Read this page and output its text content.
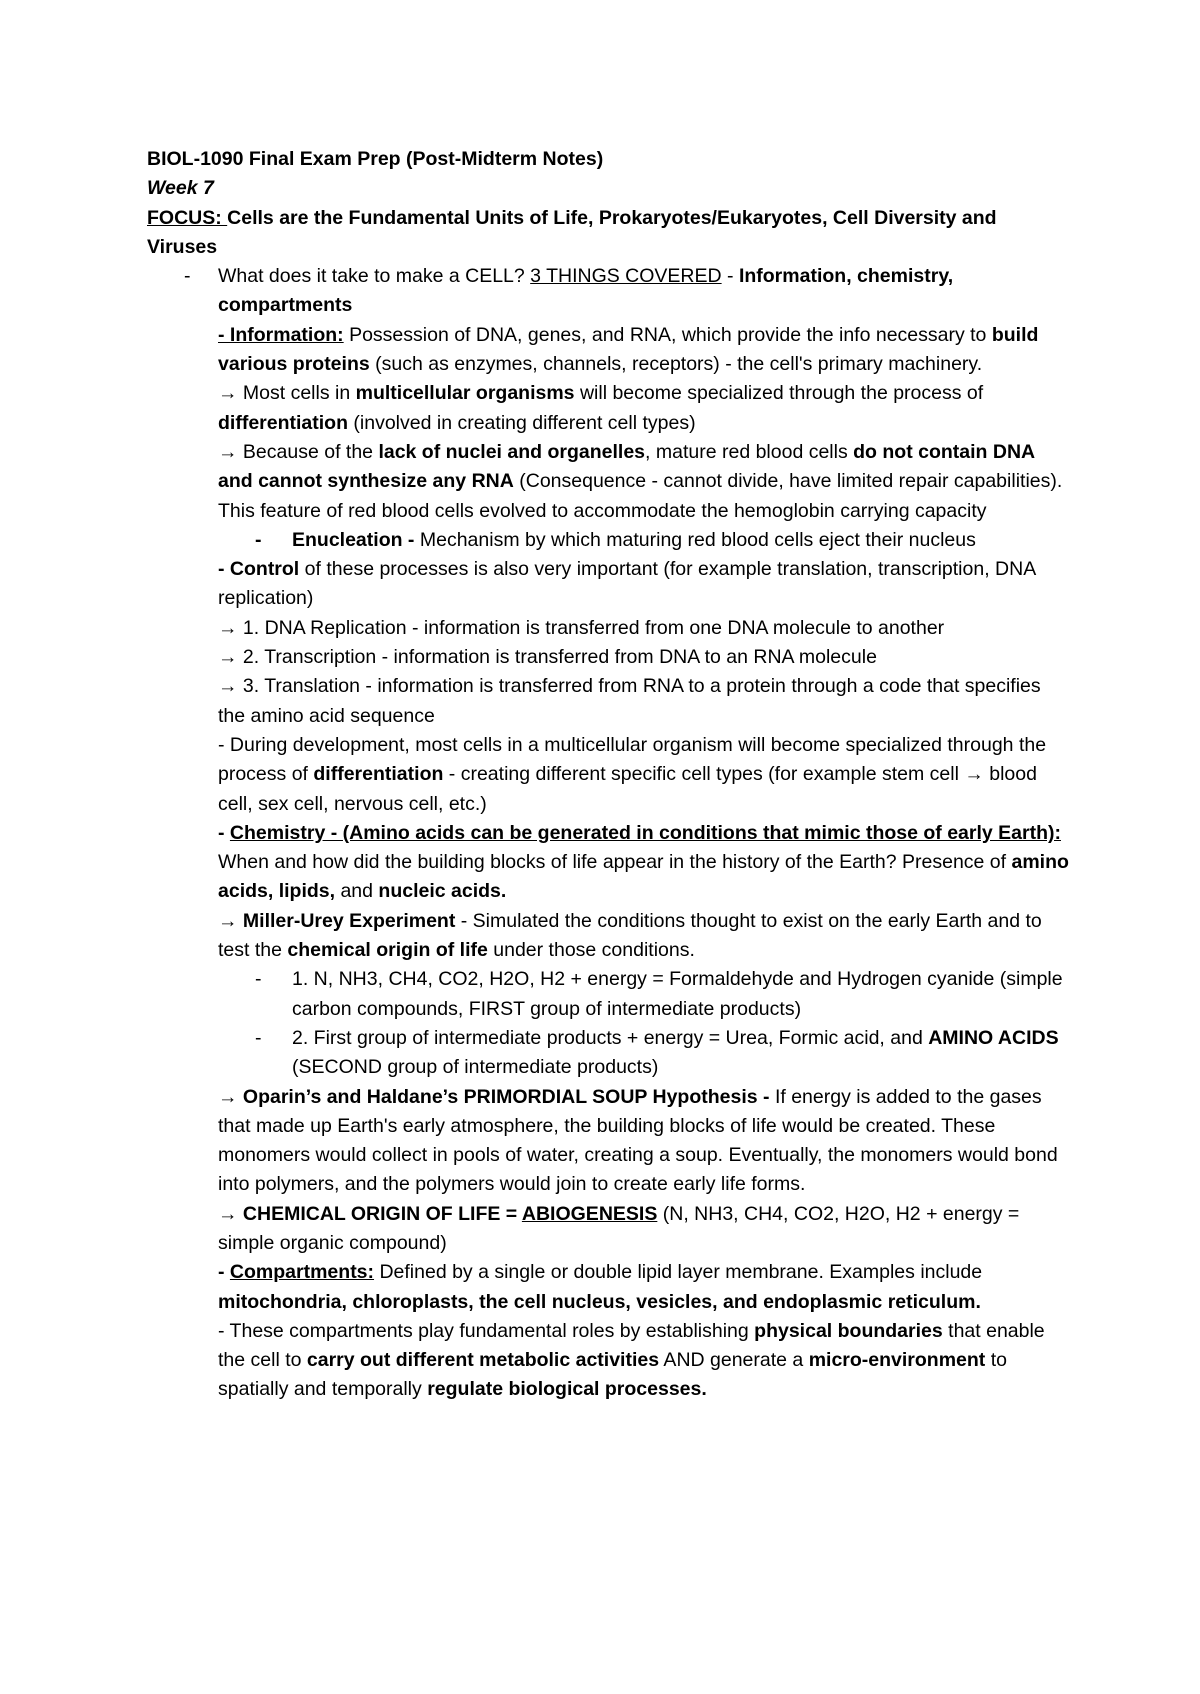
BIOL-1090 Final Exam Prep (Post-Midterm Notes)
Week 7
FOCUS: Cells are the Fundamental Units of Life, Prokaryotes/Eukaryotes, Cell Diversity and Viruses
- What does it take to make a CELL? 3 THINGS COVERED - Information, chemistry, compartments
- Information: Possession of DNA, genes, and RNA, which provide the info necessary to build various proteins (such as enzymes, channels, receptors) - the cell's primary machinery.
→ Most cells in multicellular organisms will become specialized through the process of differentiation (involved in creating different cell types)
→ Because of the lack of nuclei and organelles, mature red blood cells do not contain DNA and cannot synthesize any RNA (Consequence - cannot divide, have limited repair capabilities). This feature of red blood cells evolved to accommodate the hemoglobin carrying capacity
- Enucleation - Mechanism by which maturing red blood cells eject their nucleus
- Control of these processes is also very important (for example translation, transcription, DNA replication)
→ 1. DNA Replication - information is transferred from one DNA molecule to another
→ 2. Transcription - information is transferred from DNA to an RNA molecule
→ 3. Translation - information is transferred from RNA to a protein through a code that specifies the amino acid sequence
- During development, most cells in a multicellular organism will become specialized through the process of differentiation - creating different specific cell types (for example stem cell → blood cell, sex cell, nervous cell, etc.)
- Chemistry - (Amino acids can be generated in conditions that mimic those of early Earth): When and how did the building blocks of life appear in the history of the Earth? Presence of amino acids, lipids, and nucleic acids.
→ Miller-Urey Experiment - Simulated the conditions thought to exist on the early Earth and to test the chemical origin of life under those conditions.
- 1. N, NH3, CH4, CO2, H2O, H2 + energy = Formaldehyde and Hydrogen cyanide (simple carbon compounds, FIRST group of intermediate products)
- 2. First group of intermediate products + energy = Urea, Formic acid, and AMINO ACIDS (SECOND group of intermediate products)
→ Oparin’s and Haldane’s PRIMORDIAL SOUP Hypothesis - If energy is added to the gases that made up Earth's early atmosphere, the building blocks of life would be created. These monomers would collect in pools of water, creating a soup. Eventually, the monomers would bond into polymers, and the polymers would join to create early life forms.
→ CHEMICAL ORIGIN OF LIFE = ABIOGENESIS (N, NH3, CH4, CO2, H2O, H2 + energy = simple organic compound)
- Compartments: Defined by a single or double lipid layer membrane. Examples include mitochondria, chloroplasts, the cell nucleus, vesicles, and endoplasmic reticulum.
- These compartments play fundamental roles by establishing physical boundaries that enable the cell to carry out different metabolic activities AND generate a micro-environment to spatially and temporally regulate biological processes.
